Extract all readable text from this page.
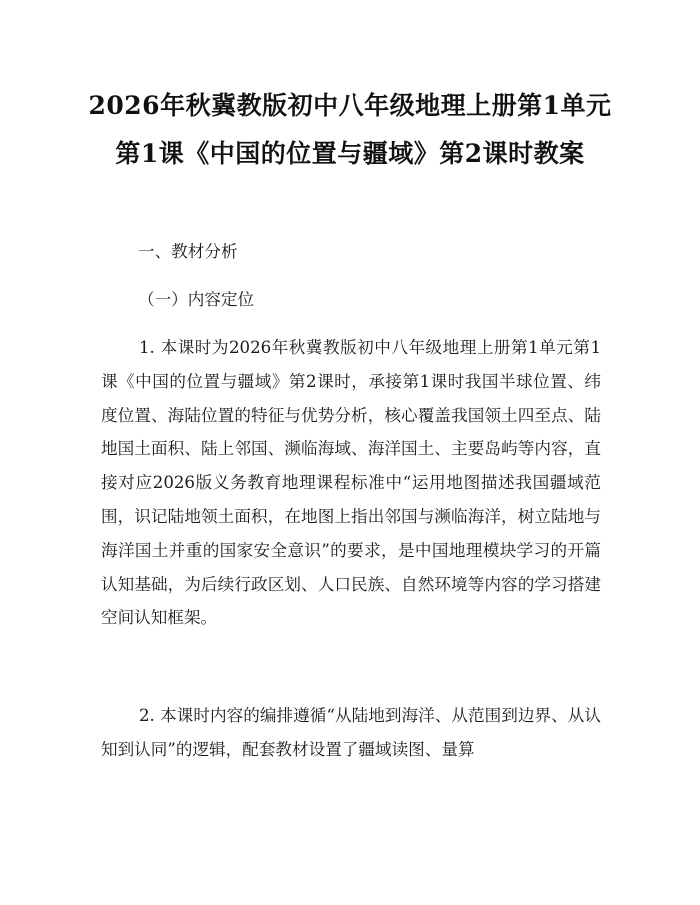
2026年秋冀教版初中八年级地理上册第1单元第1课《中国的位置与疆域》第2课时教案

一、教材分析

（一）内容定位

1. 本课时为2026年秋冀教版初中八年级地理上册第1单元第1课《中国的位置与疆域》第2课时，承接第1课时我国半球位置、纬度位置、海陆位置的特征与优势分析，核心覆盖我国领土四至点、陆地国土面积、陆上邻国、濒临海域、海洋国土、主要岛屿等内容，直接对应2026版义务教育地理课程标准中“运用地图描述我国疆域范围，识记陆地领土面积，在地图上指出邻国与濒临海洋，树立陆地与海洋国土并重的国家安全意识”的要求，是中国地理模块学习的开篇认知基础，为后续行政区划、人口民族、自然环境等内容的学习搭建空间认知框架。

2. 本课时内容的编排遵循“从陆地到海洋、从范围到边界、从认知到认同”的逻辑，配套教材设置了疆域读图、量算
